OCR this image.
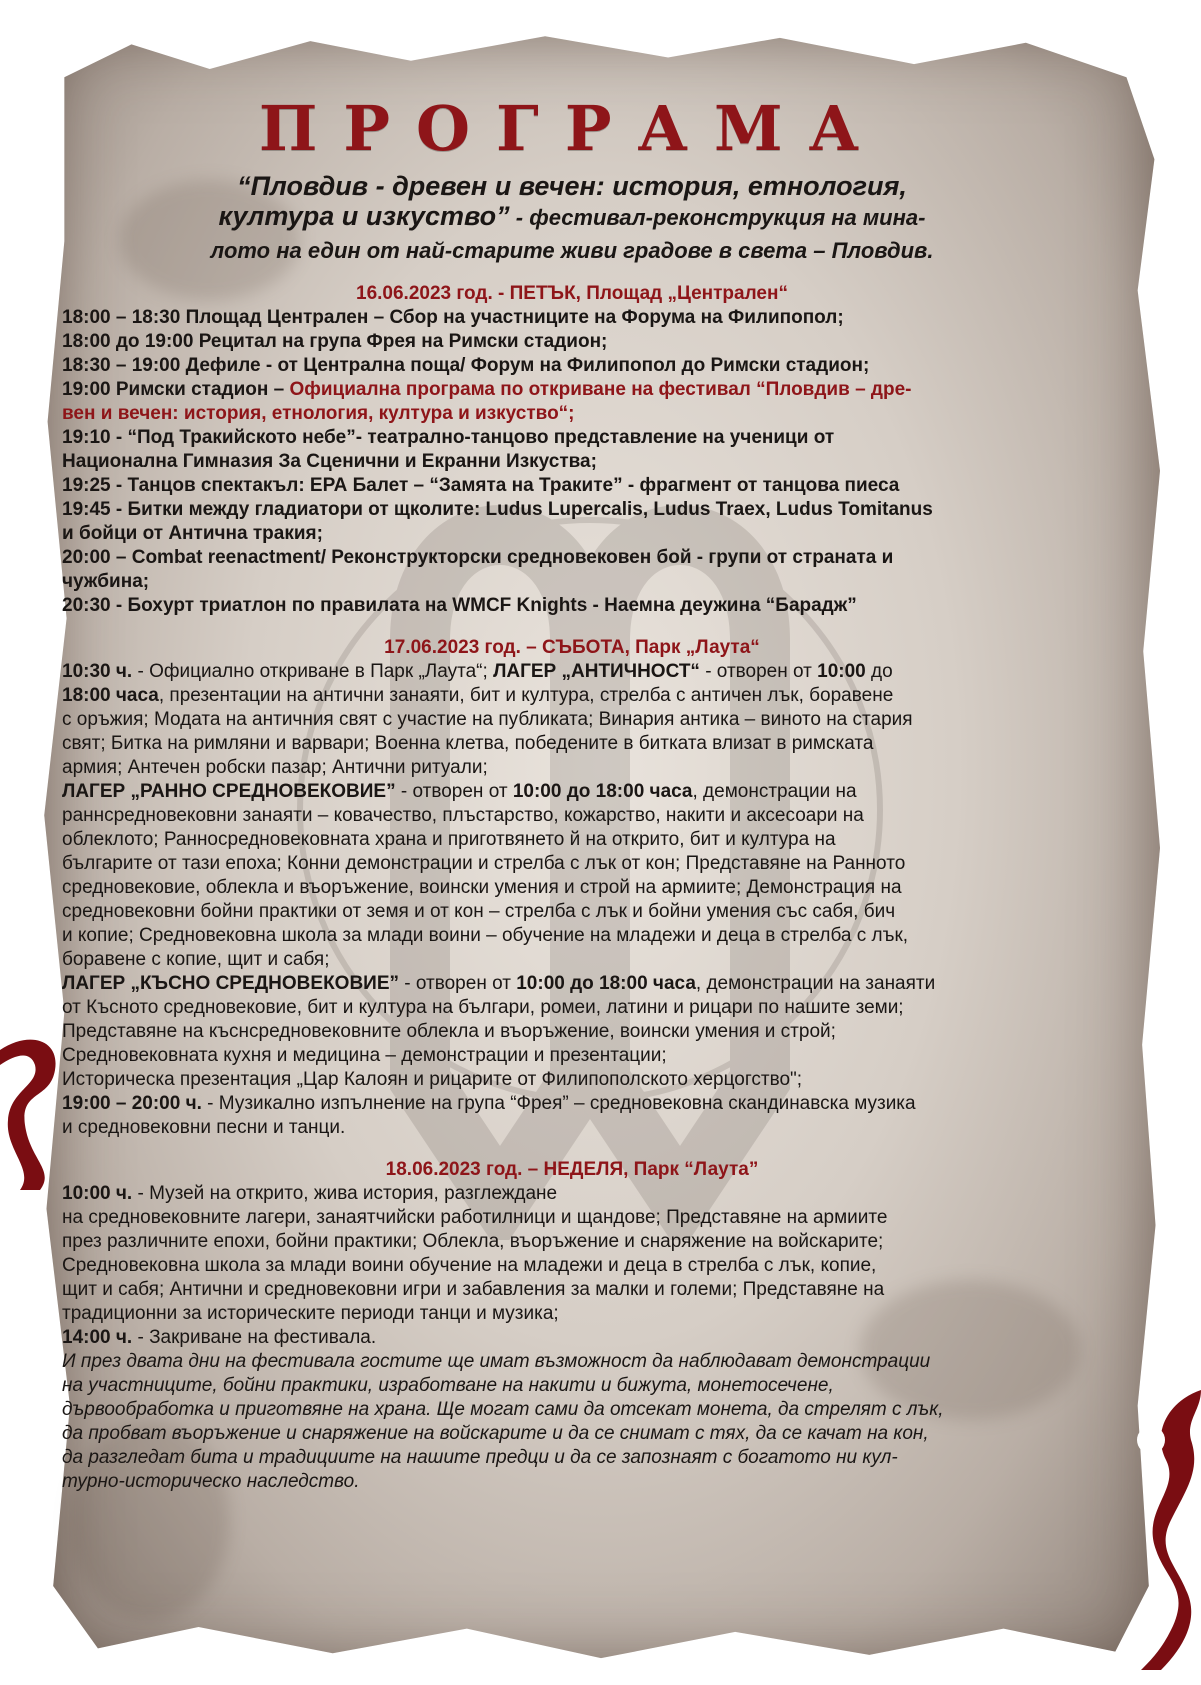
ПРОГРАМА

“Пловдив - древен и вечен: история, етнология,

култура и изкуство” - фестивал-реконструкция на мина-

лото на един от най-старите живи градове в света – Пловдив.

16.06.2023 год. - ПЕТЪК, Площад „Централен“

18:00 – 18:30 Площад Централен – Сбор на участниците на Форума на Филипопол;

18:00 до 19:00 Рецитал на група Фрея на Римски стадион;

18:30 – 19:00 Дефиле - от Централна поща/ Форум на Филипопол до Римски стадион;

19:00 Римски стадион – Официална програма по откриване на фестивал “Пловдив – дре-

вен и вечен: история, етнология, култура и изкуство“;

19:10 - “Под Тракийското небе”- театрално-танцово представление на ученици от

Национална Гимназия За Сценични и Екранни Изкуства;

19:25 - Танцов спектакъл: ЕРА Балет – “Замята на Траките” - фрагмент от танцова пиеса

19:45 - Битки между гладиатори от щколите: Ludus Lupercalis, Ludus Traex, Ludus Tomitanus

и бойци от Антична тракия;

20:00 – Combat reenactment/ Реконструкторски средновековен бой - групи от страната и

чужбина;

20:30 - Бохурт триатлон по правилата на WMCF Knights - Наемна деужина “Барадж”

17.06.2023 год. – СЪБОТА, Парк „Лаута“

10:30 ч. - Официално откриване в Парк „Лаута“; ЛАГЕР „АНТИЧНОСТ“ - отворен от 10:00 до

18:00 часа, презентации на антични занаяти, бит и култура, стрелба с античен лък, боравене

с оръжия; Модата на античния свят с участие на публиката; Винария антика – виното на стария

свят; Битка на римляни и варвари; Военна клетва, победените в битката влизат в римската

армия; Антечен робски пазар; Антични ритуали;

ЛАГЕР „РАННО СРЕДНОВЕКОВИЕ” - отворен от 10:00 до 18:00 часа, демонстрации на

раннсредновековни занаяти – ковачество, плъстарство, кожарство, накити и аксесоари на

облеклото; Ранносредновековната храна и приготвянето й на открито, бит и култура на

българите от тази епоха; Конни демонстрации и стрелба с лък от кон; Представяне на Ранното

средновековие, облекла и въоръжение, воински умения и строй на армиите; Демонстрация на

средновековни бойни практики от земя и от кон – стрелба с лък и бойни умения със сабя, бич

и копие; Средновековна школа за млади воини – обучение на младежи и деца в стрелба с лък,

боравене с копие, щит и сабя;

ЛАГЕР „КЪСНО СРЕДНОВЕКОВИЕ” - отворен от 10:00 до 18:00 часа, демонстрации на занаяти

от Късното средновековие, бит и култура на българи, ромеи, латини и рицари по нашите земи;

Представяне на къснсредновековните облекла и въоръжение, воински умения и строй;

Средновековната кухня и медицина – демонстрации и презентации;

Историческа презентация „Цар Калоян и рицарите от Филипополското херцогство";

19:00 – 20:00 ч. - Музикално изпълнение на група “Фрея” – средновековна скандинавска музика

и средновековни песни и танци.

18.06.2023 год. – НЕДЕЛЯ, Парк “Лаута”

10:00 ч. - Музей на открито, жива история, разглеждане

на средновековните лагери, занаятчийски работилници и щандове; Представяне на армиите

през различните епохи, бойни практики; Облекла, въоръжение и снаряжение на войскарите;

Средновековна школа за млади воини обучение на младежи и деца в стрелба с лък, копие,

щит и сабя; Антични и средновековни игри и забавления за малки и големи; Представяне на

традиционни за историческите периоди танци и музика;

14:00 ч. - Закриване на фестивала.

И през двата дни на фестивала гостите ще имат възможност да наблюдават демонстрации

на участниците, бойни практики, изработване на накити и бижута, монетосечене,

дървообработка и приготвяне на храна. Ще могат сами да отсекат монета, да стрелят с лък,

да пробват въоръжение и снаряжение на войскарите и да се снимат с тях, да се качат на кон,

да разгледат бита и традициите на нашите предци и да се запознаят с богатото ни кул-

турно-историческо наследство.
